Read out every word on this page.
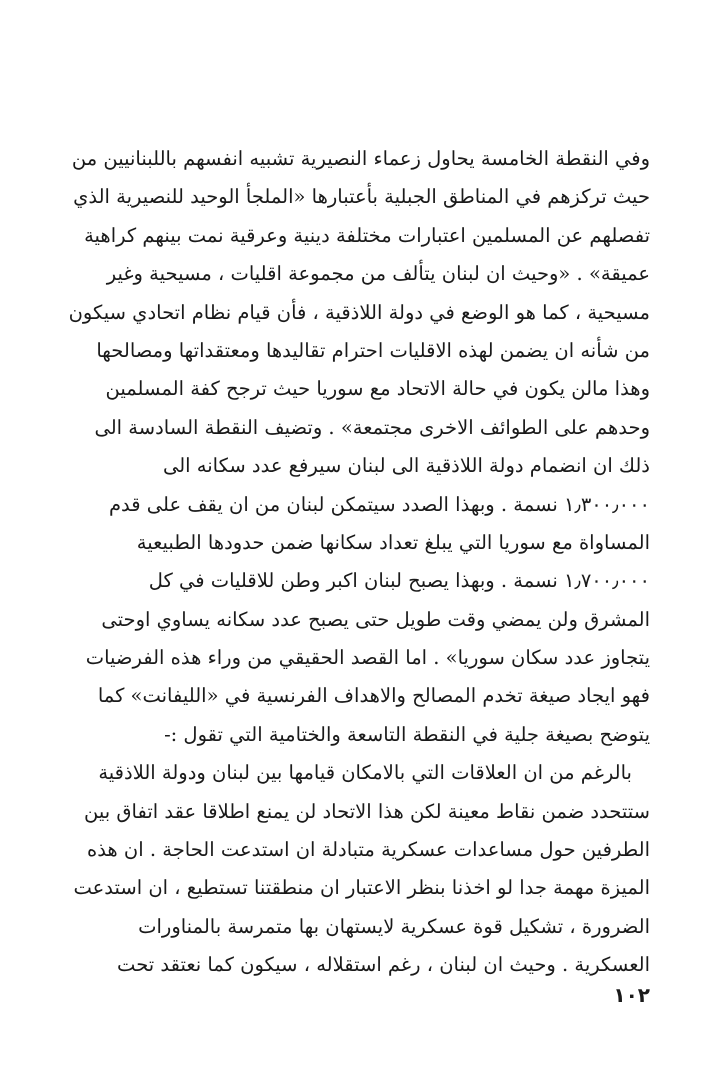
وفي النقطة الخامسة يحاول زعماء النصيرية تشبيه انفسهم باللبنانيين من
حيث تركزهم في المناطق الجبلية بأعتبارها «الملجأ الوحيد للنصيرية الذي
تفصلهم عن المسلمين اعتبارات مختلفة دينية وعرقية نمت بينهم كراهية
عميقة» . «وحيث ان لبنان يتألف من مجموعة اقليات ، مسيحية وغير
مسيحية ، كما هو الوضع في دولة اللاذقية ، فأن قيام نظام اتحادي سيكون
من شأنه ان يضمن لهذه الاقليات احترام تقاليدها ومعتقداتها ومصالحها
وهذا مالن يكون في حالة الاتحاد مع سوريا حيث ترجح كفة المسلمين
وحدهم على الطوائف الاخرى مجتمعة» . وتضيف النقطة السادسة الى
ذلك ان انضمام دولة اللاذقية الى لبنان سيرفع عدد سكانه الى
١٫٣٠٠٫٠٠٠ نسمة . وبهذا الصدد سيتمكن لبنان من ان يقف على قدم
المساواة مع سوريا التي يبلغ تعداد سكانها ضمن حدودها الطبيعية
١٫٧٠٠٫٠٠٠ نسمة . وبهذا يصبح لبنان اكبر وطن للاقليات في كل
المشرق ولن يمضي وقت طويل حتى يصبح عدد سكانه يساوي اوحتى
يتجاوز عدد سكان سوريا» . اما القصد الحقيقي من وراء هذه الفرضيات
فهو ايجاد صيغة تخدم المصالح والاهداف الفرنسية في «الليفانت» كما
يتوضح بصيغة جلية في النقطة التاسعة والختامية التي تقول :-
بالرغم من ان العلاقات التي بالامكان قيامها بين لبنان ودولة اللاذقية
ستتحدد ضمن نقاط معينة لكن هذا الاتحاد لن يمنع اطلاقا عقد اتفاق بين
الطرفين حول مساعدات عسكرية متبادلة ان استدعت الحاجة . ان هذه
الميزة مهمة جدا لو اخذنا بنظر الاعتبار ان منطقتنا تستطيع ، ان استدعت
الضرورة ، تشكيل قوة عسكرية لايستهان بها متمرسة بالمناورات
العسكرية . وحيث ان لبنان ، رغم استقلاله ، سيكون كما نعتقد تحت
١٠٢
